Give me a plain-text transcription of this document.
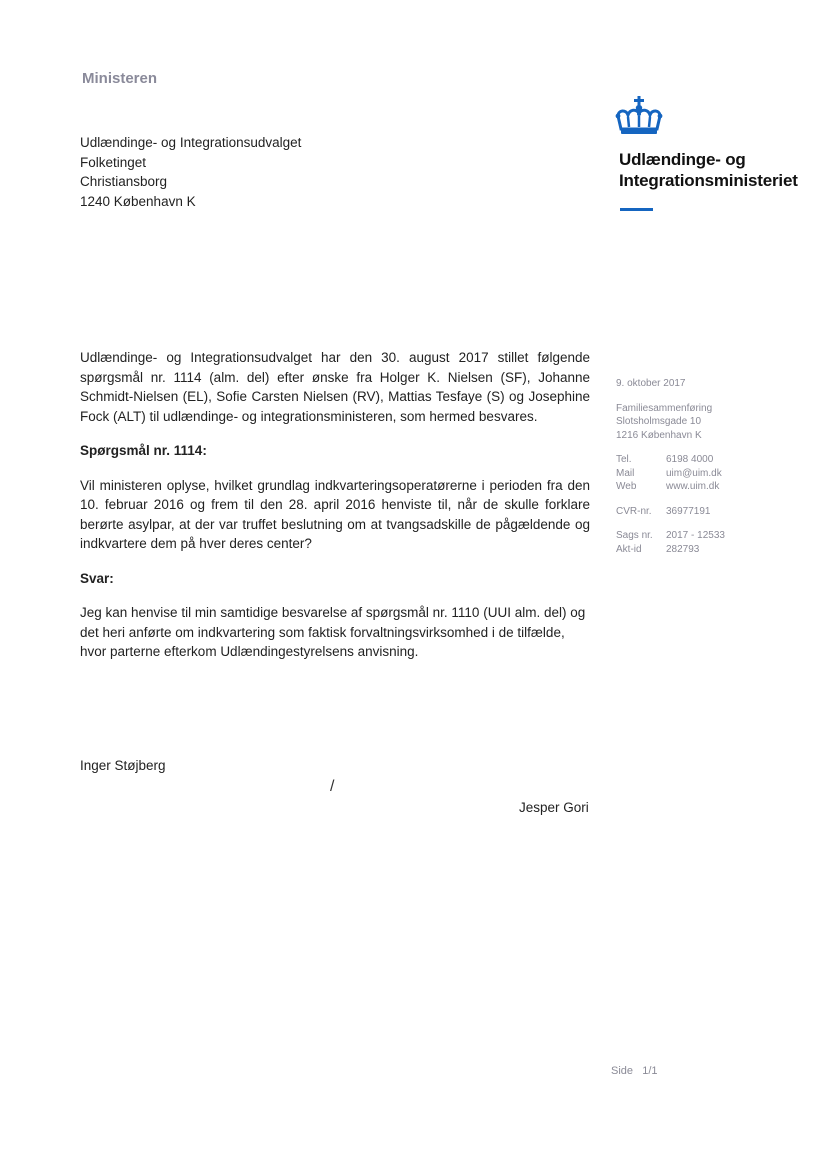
Ministeren
Udlændinge- og Integrationsudvalget
Folketinget
Christiansborg
1240 København K
Udlændinge- og
Integrationsministeriet

Udlændinge- og Integrationsudvalget har den 30. august 2017 stillet følgende spørgsmål nr. 1114 (alm. del) efter ønske fra Holger K. Nielsen (SF), Johanne Schmidt-Nielsen (EL), Sofie Carsten Nielsen (RV), Mattias Tesfaye (S) og Josephine Fock (ALT) til udlændinge- og integrationsministeren, som hermed besvares.

Spørgsmål nr. 1114:

Vil ministeren oplyse, hvilket grundlag indkvarteringsoperatørerne i perioden fra den 10. februar 2016 og frem til den 28. april 2016 henviste til, når de skulle forklare berørte asylpar, at der var truffet beslutning om at tvangsadskille de pågældende og indkvartere dem på hver deres center?

Svar:

Jeg kan henvise til min samtidige besvarelse af spørgsmål nr. 1110 (UUI alm. del) og det heri anførte om indkvartering som faktisk forvaltningsvirksomhed i de tilfælde, hvor parterne efterkom Udlændingestyrelsens anvisning.

9. oktober 2017
Familiesammenføring
Slotsholmsgade 10
1216 København K
Tel.	6198 4000
Mail	uim@uim.dk
Web	www.uim.dk
CVR-nr.	36977191
Sags nr.	2017 - 12533
Akt-id	282793
Inger Støjberg
/
Jesper Gori
Side 1/1
